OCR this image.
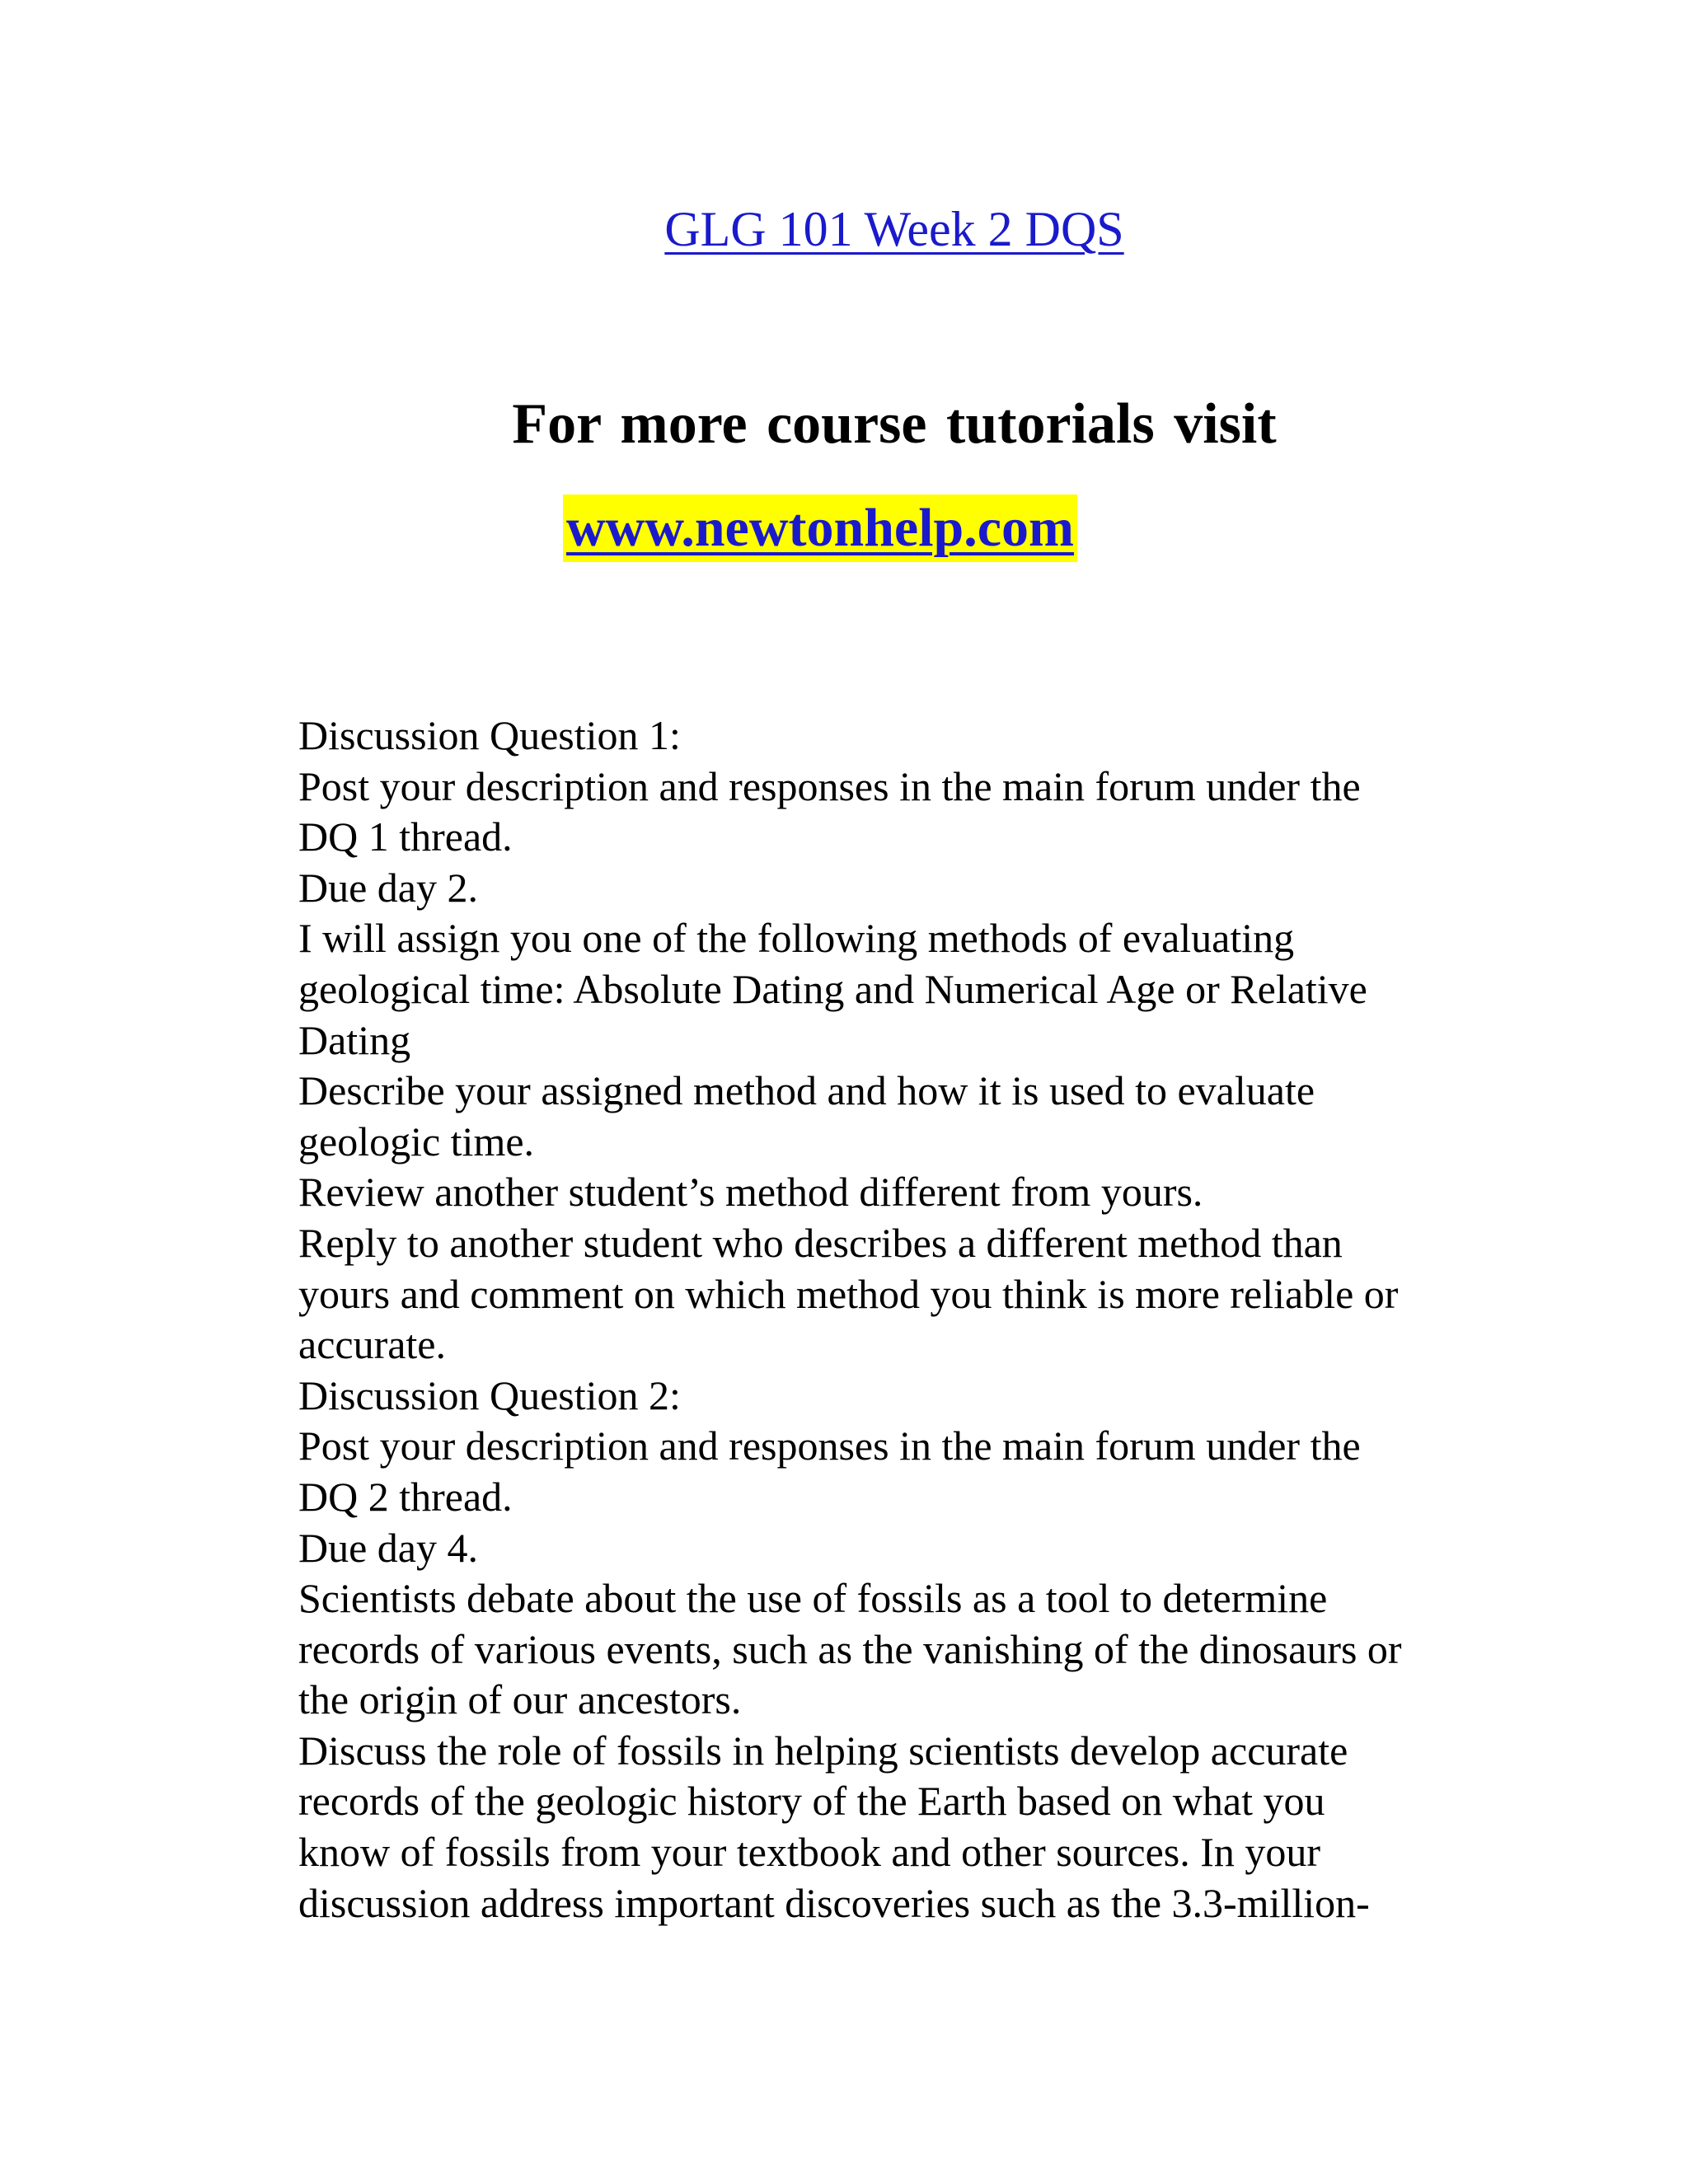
GLG 101 Week 2 DQS
For more course tutorials visit
www.newtonhelp.com

Discussion Question 1:

Post your description and responses in the main forum under the

DQ 1 thread.

Due day 2.

I will assign you one of the following methods of evaluating

geological time: Absolute Dating and Numerical Age or Relative

Dating

Describe your assigned method and how it is used to evaluate

geologic time.

Review another student’s method different from yours.

Reply to another student who describes a different method than

yours and comment on which method you think is more reliable or

accurate.

Discussion Question 2:

Post your description and responses in the main forum under the

DQ 2 thread.

Due day 4.

Scientists debate about the use of fossils as a tool to determine

records of various events, such as the vanishing of the dinosaurs or

the origin of our ancestors.

Discuss the role of fossils in helping scientists develop accurate

records of the geologic history of the Earth based on what you

know of fossils from your textbook and other sources. In your

discussion address important discoveries such as the 3.3-million-
